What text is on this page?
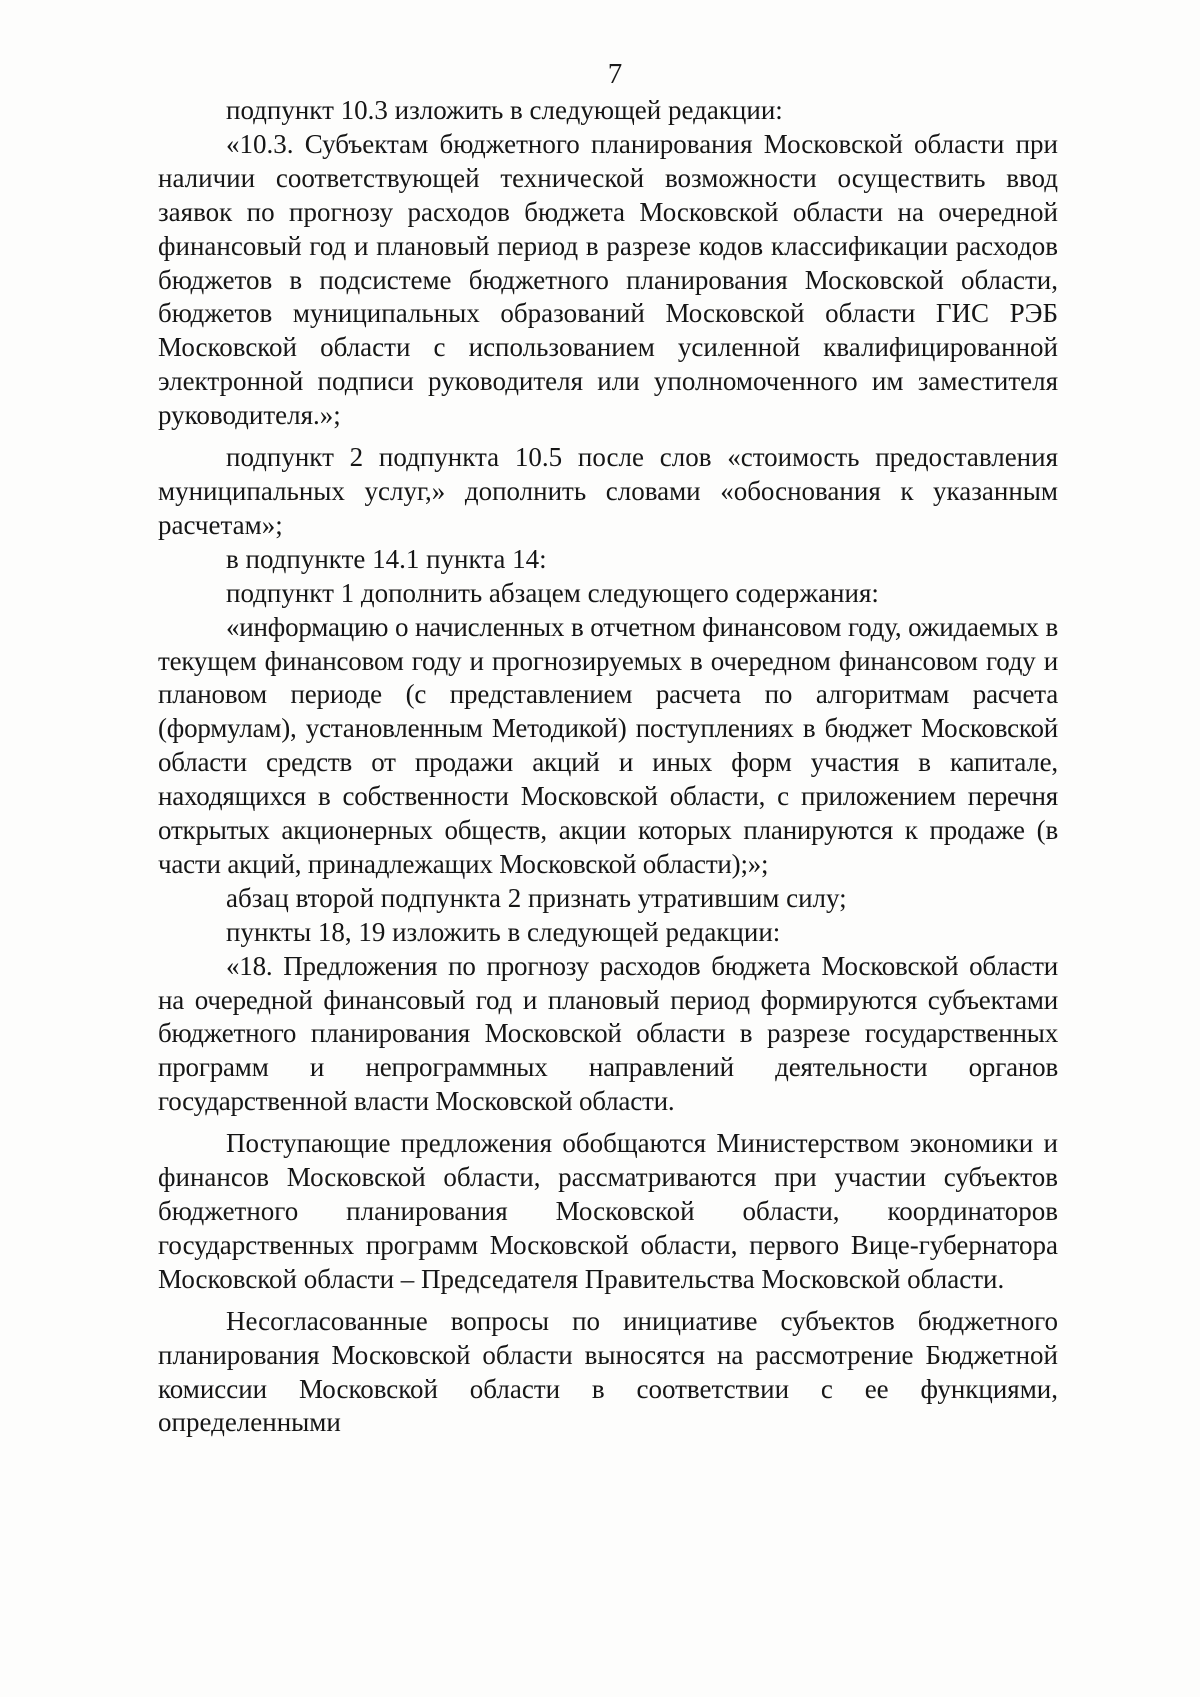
7

подпункт 10.3 изложить в следующей редакции:

«10.3. Субъектам бюджетного планирования Московской области при наличии соответствующей технической возможности осуществить ввод заявок по прогнозу расходов бюджета Московской области на очередной финансовый год и плановый период в разрезе кодов классификации расходов бюджетов в подсистеме бюджетного планирования Московской области, бюджетов муниципальных образований Московской области ГИС РЭБ Московской области с использованием усиленной квалифицированной электронной подписи руководителя или уполномоченного им заместителя руководителя.»;

подпункт 2 подпункта 10.5 после слов «стоимость предоставления муниципальных услуг,» дополнить словами «обоснования к указанным расчетам»;

в подпункте 14.1 пункта 14:

подпункт 1 дополнить абзацем следующего содержания:

«информацию о начисленных в отчетном финансовом году, ожидаемых в текущем финансовом году и прогнозируемых в очередном финансовом году и плановом периоде (с представлением расчета по алгоритмам расчета (формулам), установленным Методикой) поступлениях в бюджет Московской области средств от продажи акций и иных форм участия в капитале, находящихся в собственности Московской области, с приложением перечня открытых акционерных обществ, акции которых планируются к продаже (в части акций, принадлежащих Московской области);»;

абзац второй подпункта 2 признать утратившим силу;

пункты 18, 19 изложить в следующей редакции:

«18. Предложения по прогнозу расходов бюджета Московской области на очередной финансовый год и плановый период формируются субъектами бюджетного планирования Московской области в разрезе государственных программ и непрограммных направлений деятельности органов государственной власти Московской области.

Поступающие предложения обобщаются Министерством экономики и финансов Московской области, рассматриваются при участии субъектов бюджетного планирования Московской области, координаторов государственных программ Московской области, первого Вице-губернатора Московской области – Председателя Правительства Московской области.

Несогласованные вопросы по инициативе субъектов бюджетного планирования Московской области выносятся на рассмотрение Бюджетной комиссии Московской области в соответствии с ее функциями, определенными
